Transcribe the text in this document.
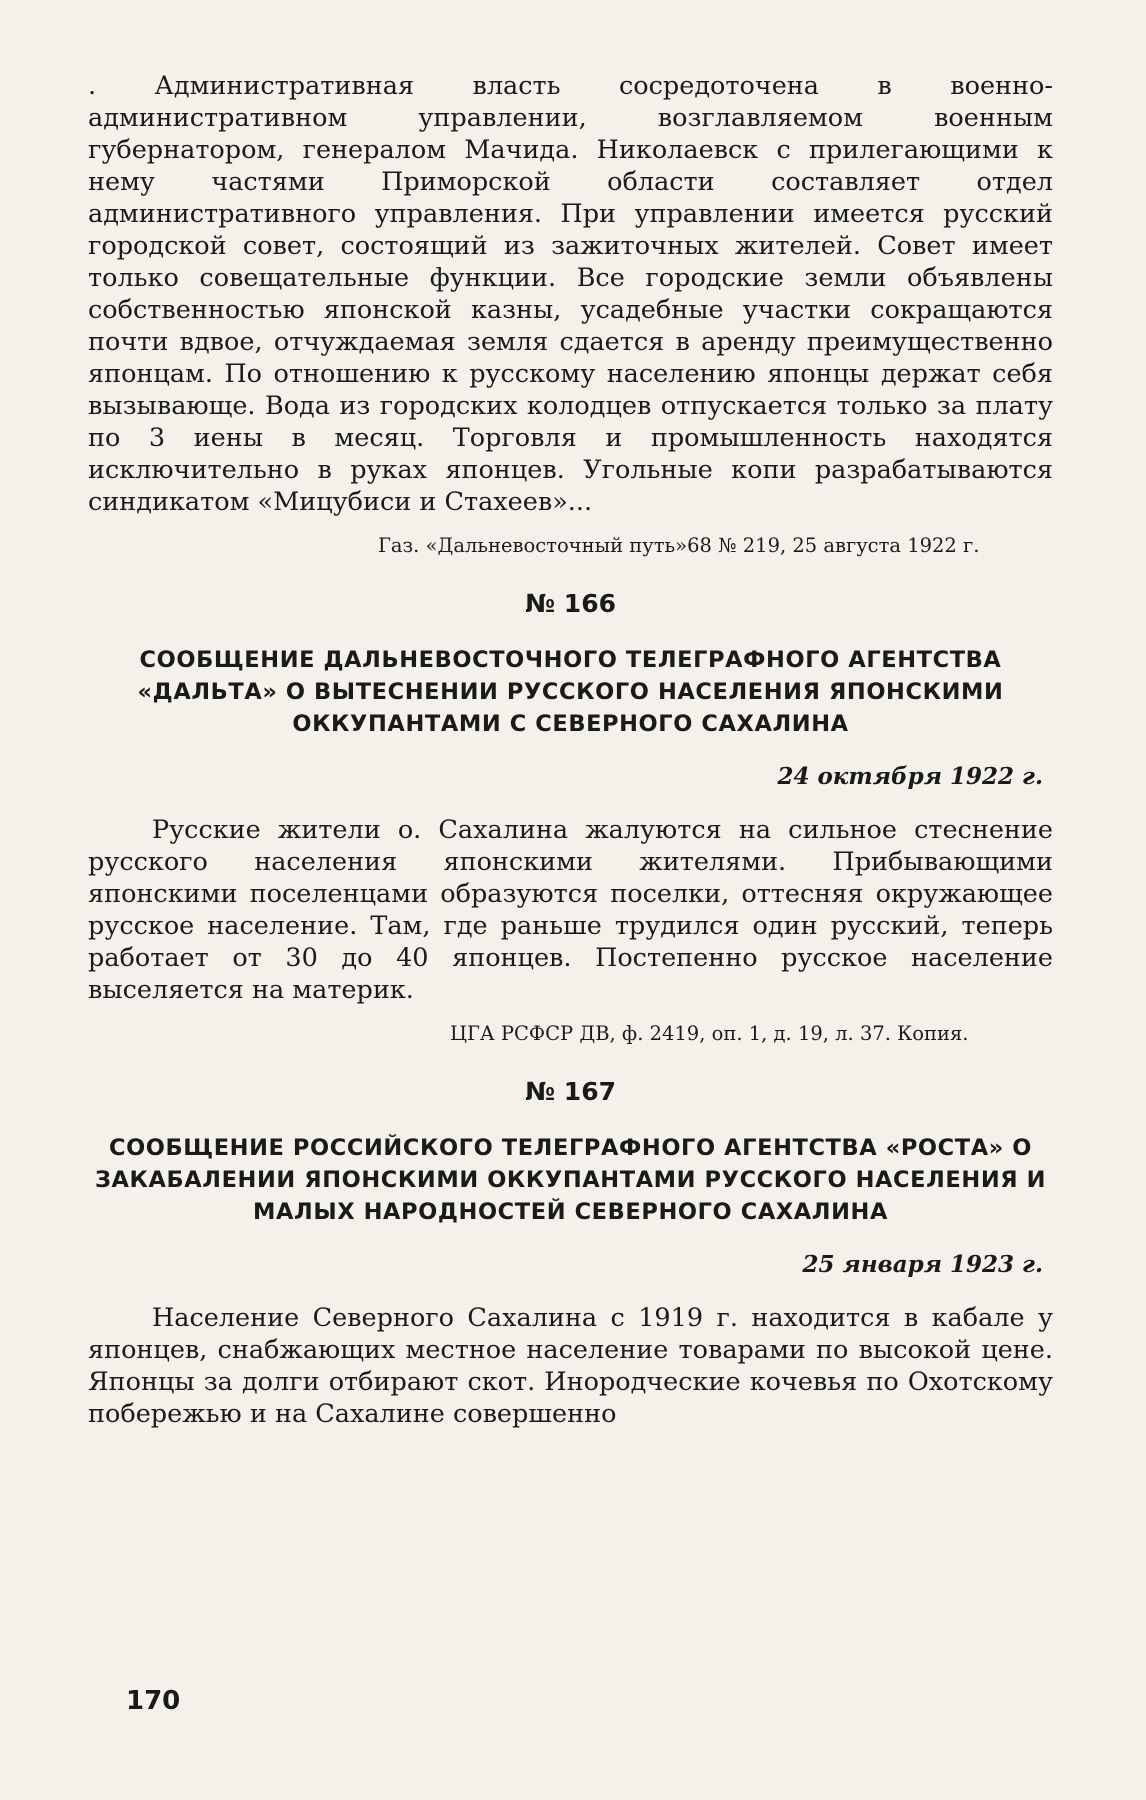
. Административная власть сосредоточена в военно-административном управлении, возглавляемом военным губернатором, генералом Мачида. Николаевск с прилегающими к нему частями Приморской области составляет отдел административного управления. При управлении имеется русский городской совет, состоящий из зажиточных жителей. Совет имеет только совещательные функции. Все городские земли объявлены собственностью японской казны, усадебные участки сокращаются почти вдвое, отчуждаемая земля сдается в аренду преимущественно японцам. По отношению к русскому населению японцы держат себя вызывающе. Вода из городских колодцев отпускается только за плату по 3 иены в месяц. Торговля и промышленность находятся исключительно в руках японцев. Угольные копи разрабатываются синдикатом «Мицубиси и Стахеев»...

Газ. «Дальневосточный путь»68 № 219, 25 августа 1922 г.

№ 166
СООБЩЕНИЕ ДАЛЬНЕВОСТОЧНОГО ТЕЛЕГРАФНОГО АГЕНТСТВА «ДАЛЬТА» О ВЫТЕСНЕНИИ РУССКОГО НАСЕЛЕНИЯ ЯПОНСКИМИ ОККУПАНТАМИ С СЕВЕРНОГО САХАЛИНА
24 октября 1922 г.

Русские жители о. Сахалина жалуются на сильное стеснение русского населения японскими жителями. Прибывающими японскими поселенцами образуются поселки, оттесняя окружающее русское население. Там, где раньше трудился один русский, теперь работает от 30 до 40 японцев. Постепенно русское население выселяется на материк.

ЦГА РСФСР ДВ, ф. 2419, оп. 1, д. 19, л. 37. Копия.

№ 167
СООБЩЕНИЕ РОССИЙСКОГО ТЕЛЕГРАФНОГО АГЕНТСТВА «РОСТА» О ЗАКАБАЛЕНИИ ЯПОНСКИМИ ОККУПАНТАМИ РУССКОГО НАСЕЛЕНИЯ И МАЛЫХ НАРОДНОСТЕЙ СЕВЕРНОГО САХАЛИНА
25 января 1923 г.

Население Северного Сахалина с 1919 г. находится в кабале у японцев, снабжающих местное население товарами по высокой цене. Японцы за долги отбирают скот. Инородческие кочевья по Охотскому побережью и на Сахалине совершенно

170
